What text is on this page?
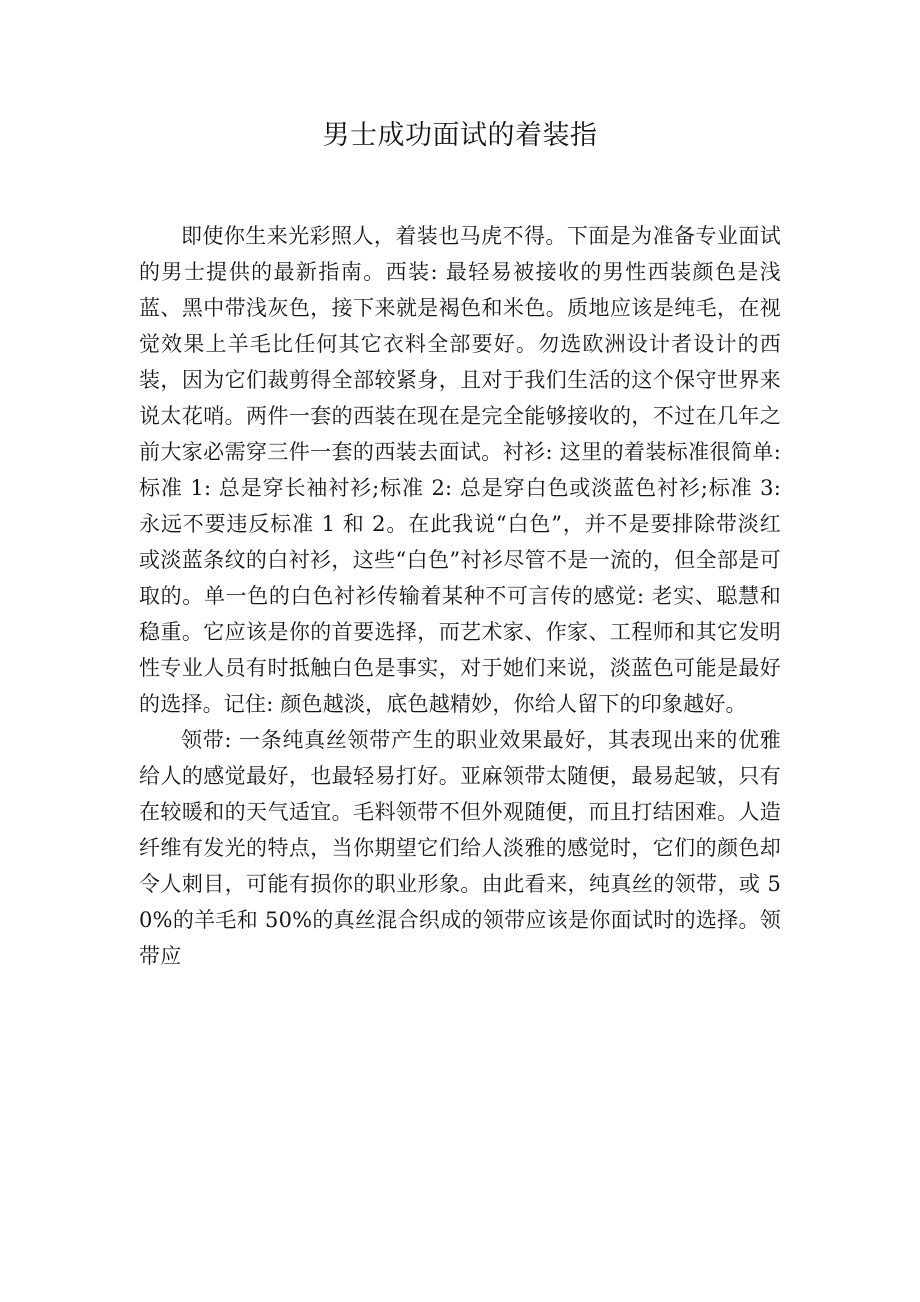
男士成功面试的着装指

即使你生来光彩照人，着装也马虎不得。下面是为准备专业面试的男士提供的最新指南。西装: 最轻易被接收的男性西装颜色是浅蓝、黑中带浅灰色，接下来就是褐色和米色。质地应该是纯毛，在视觉效果上羊毛比任何其它衣料全部要好。勿选欧洲设计者设计的西装，因为它们裁剪得全部较紧身，且对于我们生活的这个保守世界来说太花哨。两件一套的西装在现在是完全能够接收的，不过在几年之前大家必需穿三件一套的西装去面试。衬衫: 这里的着装标准很简单: 标准 1: 总是穿长袖衬衫;标准 2: 总是穿白色或淡蓝色衬衫;标准 3: 永远不要违反标准 1 和 2。在此我说“白色”，并不是要排除带淡红或淡蓝条纹的白衬衫，这些“白色”衬衫尽管不是一流的，但全部是可取的。单一色的白色衬衫传输着某种不可言传的感觉: 老实、聪慧和稳重。它应该是你的首要选择，而艺术家、作家、工程师和其它发明性专业人员有时抵触白色是事实，对于她们来说，淡蓝色可能是最好的选择。记住: 颜色越淡，底色越精妙，你给人留下的印象越好。

领带: 一条纯真丝领带产生的职业效果最好，其表现出来的优雅给人的感觉最好，也最轻易打好。亚麻领带太随便，最易起皱，只有在较暖和的天气适宜。毛料领带不但外观随便，而且打结困难。人造纤维有发光的特点，当你期望它们给人淡雅的感觉时，它们的颜色却令人刺目，可能有损你的职业形象。由此看来，纯真丝的领带，或 50%的羊毛和 50%的真丝混合织成的领带应该是你面试时的选择。领带应
